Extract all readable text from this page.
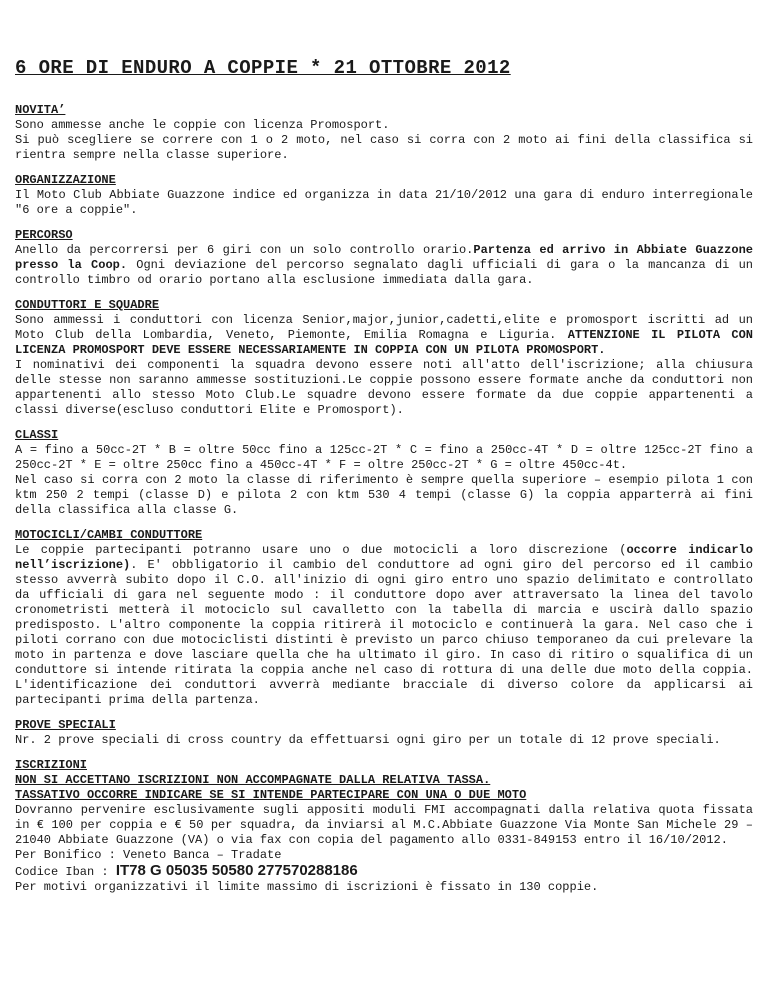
6 ORE DI ENDURO A COPPIE * 21 OTTOBRE 2012
NOVITA’

Sono ammesse anche le coppie con licenza Promosport.
Si può scegliere se correre con 1 o 2 moto, nel caso si corra con 2 moto ai fini della classifica si rientra sempre nella classe superiore.

ORGANIZZAZIONE

Il Moto Club Abbiate Guazzone indice ed organizza in data 21/10/2012 una gara di enduro interregionale "6 ore a coppie".

PERCORSO

Anello da percorrersi per 6 giri con un solo controllo orario.Partenza ed arrivo in Abbiate Guazzone presso la Coop. Ogni deviazione del percorso segnalato dagli ufficiali di gara o la mancanza di un controllo timbro od orario portano alla esclusione immediata dalla gara.

CONDUTTORI E SQUADRE

Sono ammessi i conduttori con licenza Senior,major,junior,cadetti,elite e promosport iscritti ad un Moto Club della Lombardia, Veneto, Piemonte, Emilia Romagna e Liguria. ATTENZIONE IL PILOTA CON LICENZA PROMOSPORT DEVE ESSERE NECESSARIAMENTE IN COPPIA CON UN PILOTA PROMOSPORT.
I nominativi dei componenti la squadra devono essere noti all'atto dell'iscrizione; alla chiusura delle stesse non saranno ammesse sostituzioni.Le coppie possono essere formate anche da conduttori non appartenenti allo stesso Moto Club.Le squadre devono essere formate da due coppie appartenenti a classi diverse(escluso conduttori Elite e Promosport).

CLASSI

A = fino a 50cc-2T * B = oltre 50cc fino a 125cc-2T * C = fino a 250cc-4T * D = oltre 125cc-2T fino a 250cc-2T * E = oltre 250cc fino a 450cc-4T * F = oltre 250cc-2T * G = oltre 450cc-4t.
Nel caso si corra con 2 moto la classe di riferimento è sempre quella superiore – esempio pilota 1 con ktm 250 2 tempi (classe D) e pilota 2 con ktm 530 4 tempi (classe G) la coppia apparterrà ai fini della classifica alla classe G.

MOTOCICLI/CAMBI CONDUTTORE

Le coppie partecipanti potranno usare uno o due motocicli a loro discrezione (occorre indicarlo nell’iscrizione). E' obbligatorio il cambio del conduttore ad ogni giro del percorso ed il cambio stesso avverrà subito dopo il C.O. all'inizio di ogni giro entro uno spazio delimitato e controllato da ufficiali di gara nel seguente modo : il conduttore dopo aver attraversato la linea del tavolo cronometristi metterà il motociclo sul cavalletto con la tabella di marcia e uscirà dallo spazio predisposto. L'altro componente la coppia ritirerà il motociclo e continuerà la gara. Nel caso che i piloti corrano con due motociclisti distinti è previsto un parco chiuso temporaneo da cui prelevare la moto in partenza e dove lasciare quella che ha ultimato il giro. In caso di ritiro o squalifica di un conduttore si intende ritirata la coppia anche nel caso di rottura di una delle due moto della coppia. L'identificazione dei conduttori avverrà mediante bracciale di diverso colore da applicarsi ai partecipanti prima della partenza.

PROVE SPECIALI

Nr. 2 prove speciali di cross country da effettuarsi ogni giro per un totale di 12 prove speciali.

ISCRIZIONI

NON SI ACCETTANO ISCRIZIONI NON ACCOMPAGNATE DALLA RELATIVA TASSA.
TASSATIVO OCCORRE INDICARE SE SI INTENDE PARTECIPARE CON UNA O DUE MOTO
Dovranno pervenire esclusivamente sugli appositi moduli FMI accompagnati dalla relativa quota fissata in € 100 per coppia e € 50 per squadra, da inviarsi al M.C.Abbiate Guazzone Via Monte San Michele 29 – 21040 Abbiate Guazzone (VA) o via fax con copia del pagamento allo 0331-849153 entro il 16/10/2012.
Per Bonifico : Veneto Banca – Tradate
Codice Iban : IT78 G 05035 50580 277570288186
Per motivi organizzativi il limite massimo di iscrizioni è fissato in 130 coppie.
